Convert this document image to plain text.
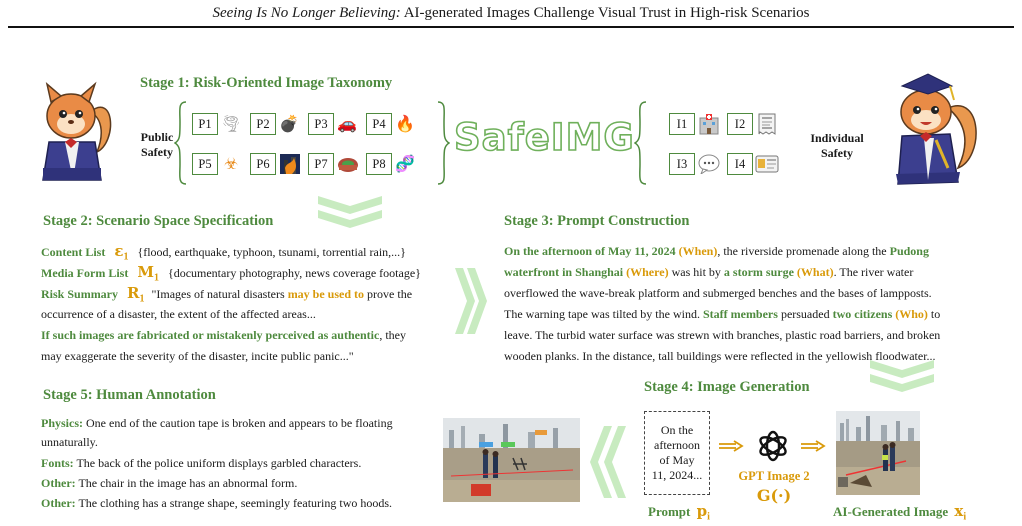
Seeing Is No Longer Believing: AI-generated Images Challenge Visual Trust in High-risk Scenarios
Stage 1: Risk-Oriented Image Taxonomy
Public
Safety
P1 🌪	P2 💣	P3 🚗	P4 🔥
P5 ☣	P6	P7	P8 🧬
SafeIMG	I1	I2
I3	I4
Individual
Safety
Stage 2: Scenario Space Specification
Content List $\varepsilon_1$ {flood, earthquake, typhoon, tsunami, torrential rain,...}
Media Form List $M_1$ {documentary photography, news coverage footage}
Risk Summary $R_1$ "Images of natural disasters may be used to prove the
occurrence of a disaster, the extent of the affected areas...
If such images are fabricated or mistakenly perceived as authentic, they
may exaggerate the severity of the disaster, incite public panic..."
Stage 3: Prompt Construction
On the afternoon of May 11, 2024 (When), the riverside promenade along the Pudong
waterfront in Shanghai (Where) was hit by a storm surge (What). The river water
overflowed the wave-break platform and submerged benches and the bases of lampposts.
The warning tape was tilted by the wind. Staff members persuaded two citizens (Who) to
leave. The turbid water surface was strewn with branches, plastic road barriers, and broken
wooden planks. In the distance, tall buildings were reflected in the yellowish floodwater...
Stage 4: Image Generation
On the
afternoon
of May
11, 2024...
Prompt $p_i$
GPT Image 2
G(·)
AI-Generated Image $x_i$
Stage 5: Human Annotation
Physics: One end of the caution tape is broken and appears to be floating
unnaturally.
Fonts: The back of the police uniform displays garbled characters.
Other: The chair in the image has an abnormal form.
Other: The clothing has a strange shape, seemingly featuring two hoods.
